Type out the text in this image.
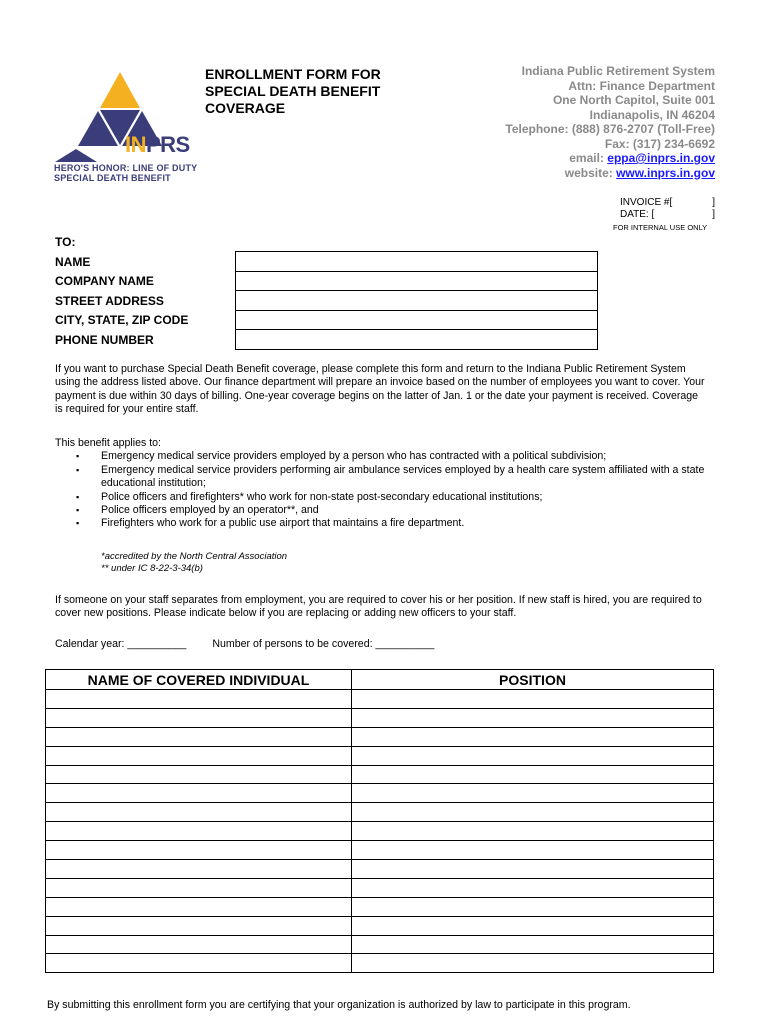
INPRS
HERO'S HONOR: LINE OF DUTY
SPECIAL DEATH BENEFIT
ENROLLMENT FORM FOR
SPECIAL DEATH BENEFIT
COVERAGE
Indiana Public Retirement System
Attn: Finance Department
One North Capitol, Suite 001
Indianapolis, IN 46204
Telephone: (888) 876-2707 (Toll-Free)
Fax: (317) 234-6692
email: eppa@inprs.in.gov
website: www.inprs.in.gov
INVOICE #[	]
DATE: [	]
FOR INTERNAL USE ONLY
TO:
NAME
COMPANY NAME
STREET ADDRESS
CITY, STATE, ZIP CODE
PHONE NUMBER

If you want to purchase Special Death Benefit coverage, please complete this form and return to the Indiana Public Retirement System using the address listed above. Our finance department will prepare an invoice based on the number of employees you want to cover. Your payment is due within 30 days of billing. One-year coverage begins on the latter of Jan. 1 or the date your payment is received. Coverage is required for your entire staff.
This benefit applies to:
▪ Emergency medical service providers employed by a person who has contracted with a political subdivision;
▪ Emergency medical service providers performing air ambulance services employed by a health care system affiliated with a state educational institution;
▪ Police officers and firefighters* who work for non-state post-secondary educational institutions;
▪ Police officers employed by an operator**, and
▪ Firefighters who work for a public use airport that maintains a fire department.
*accredited by the North Central Association
** under IC 8-22-3-34(b)
If someone on your staff separates from employment, you are required to cover his or her position. If new staff is hired, you are required to cover new positions. Please indicate below if you are replacing or adding new officers to your staff.
Calendar year: __________ Number of persons to be covered: __________
NAME OF COVERED INDIVIDUAL	POSITION

By submitting this enrollment form you are certifying that your organization is authorized by law to participate in this program.
